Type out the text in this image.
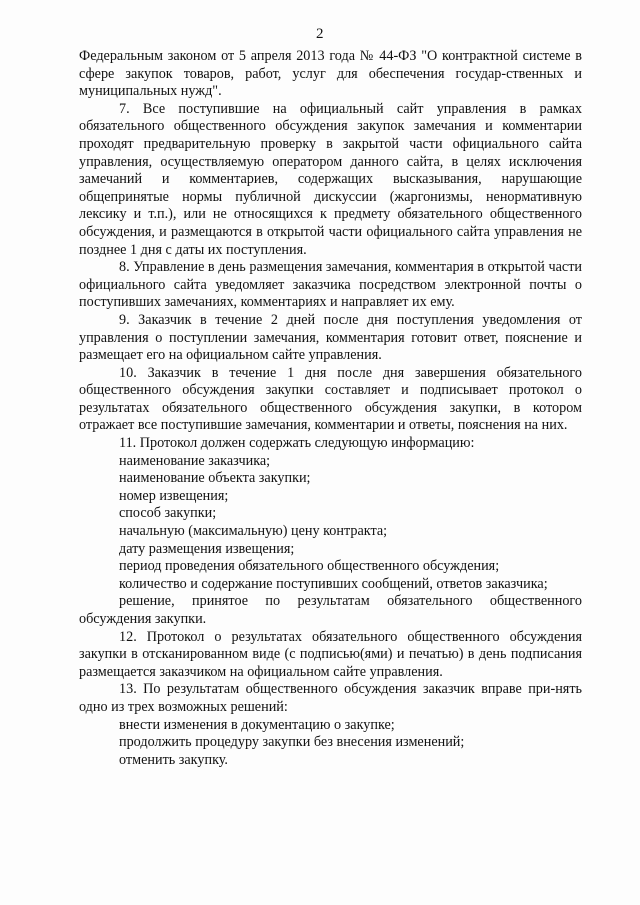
2

Федеральным законом от 5 апреля 2013 года № 44-ФЗ "О контрактной системе в сфере закупок товаров, работ, услуг для обеспечения государ-ственных и муниципальных нужд".

7. Все поступившие на официальный сайт управления в рамках обязательного общественного обсуждения закупок замечания и комментарии проходят предварительную проверку в закрытой части официального сайта управления, осуществляемую оператором данного сайта, в целях исключения замечаний и комментариев, содержащих высказывания, нарушающие общепринятые нормы публичной дискуссии (жаргонизмы, ненормативную лексику и т.п.), или не относящихся к предмету обязательного общественного обсуждения, и размещаются в открытой части официального сайта управления не позднее 1 дня с даты их поступления.

8. Управление в день размещения замечания, комментария в открытой части официального сайта уведомляет заказчика посредством электронной почты о поступивших замечаниях, комментариях и направляет их ему.

9. Заказчик в течение 2 дней после дня поступления уведомления от управления о поступлении замечания, комментария готовит ответ, пояснение и размещает его на официальном сайте управления.

10. Заказчик в течение 1 дня после дня завершения обязательного общественного обсуждения закупки составляет и подписывает протокол о результатах обязательного общественного обсуждения закупки, в котором отражает все поступившие замечания, комментарии и ответы, пояснения на них.

11. Протокол должен содержать следующую информацию:

наименование заказчика;

наименование объекта закупки;

номер извещения;

способ закупки;

начальную (максимальную) цену контракта;

дату размещения извещения;

период проведения обязательного общественного обсуждения;

количество и содержание поступивших сообщений, ответов заказчика;

решение, принятое по результатам обязательного общественного обсуждения закупки.

12. Протокол о результатах обязательного общественного обсуждения закупки в отсканированном виде (с подписью(ями) и печатью) в день подписания размещается заказчиком на официальном сайте управления.

13. По результатам общественного обсуждения заказчик вправе при-нять одно из трех возможных решений:

внести изменения в документацию о закупке;

продолжить процедуру закупки без внесения изменений;

отменить закупку.
